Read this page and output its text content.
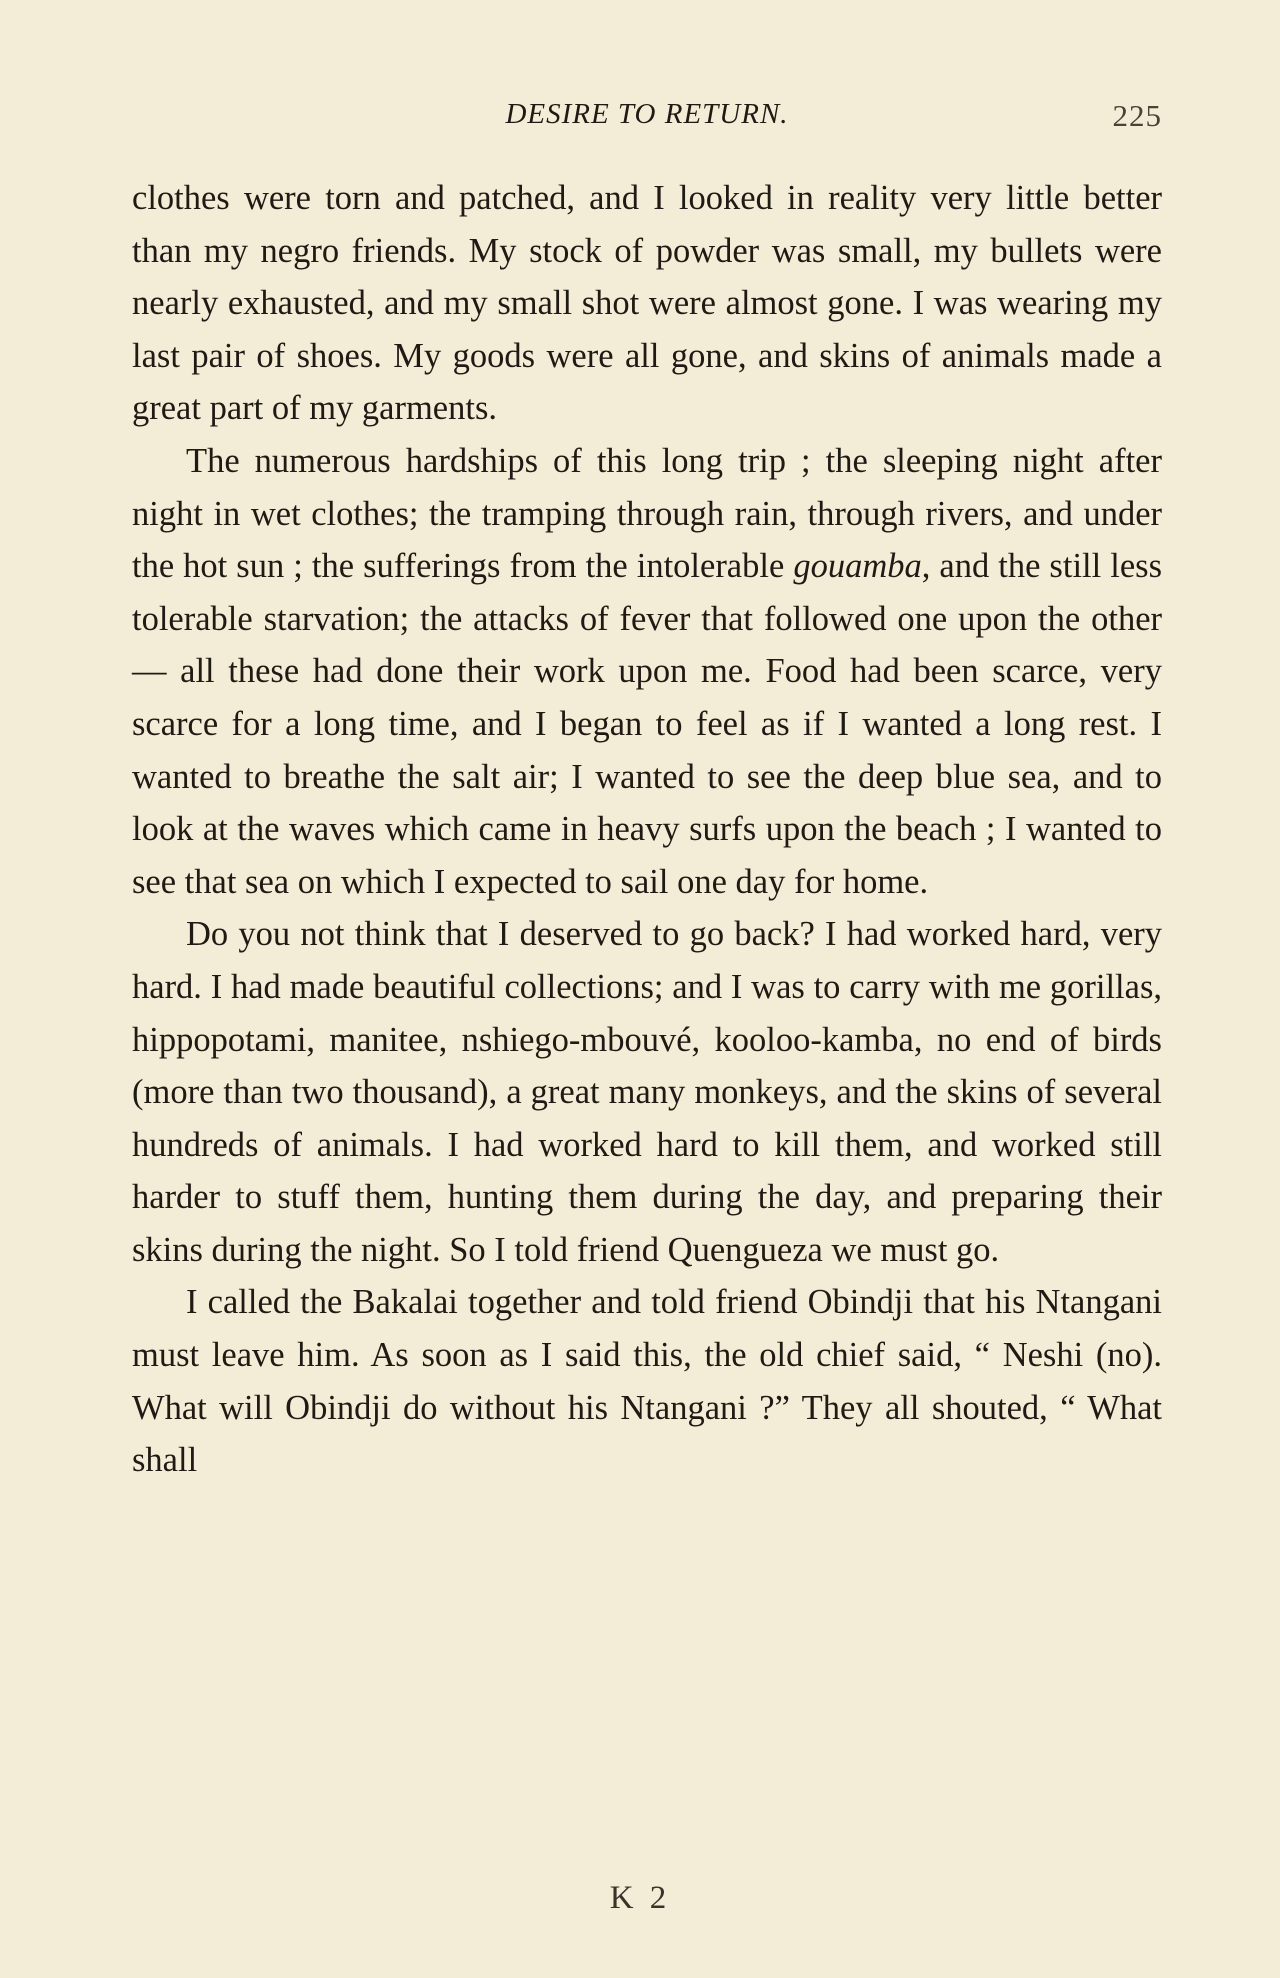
DESIRE TO RETURN.	225

clothes were torn and patched, and I looked in reality very little better than my negro friends. My stock of powder was small, my bullets were nearly exhausted, and my small shot were almost gone. I was wearing my last pair of shoes. My goods were all gone, and skins of animals made a great part of my garments.

The numerous hardships of this long trip ; the sleeping night after night in wet clothes; the tramping through rain, through rivers, and under the hot sun ; the sufferings from the intolerable gouamba, and the still less tolerable starvation; the attacks of fever that followed one upon the other — all these had done their work upon me. Food had been scarce, very scarce for a long time, and I began to feel as if I wanted a long rest. I wanted to breathe the salt air; I wanted to see the deep blue sea, and to look at the waves which came in heavy surfs upon the beach ; I wanted to see that sea on which I expected to sail one day for home.

Do you not think that I deserved to go back? I had worked hard, very hard. I had made beautiful collections; and I was to carry with me gorillas, hippopotami, manitee, nshiego-mbouvé, kooloo-kamba, no end of birds (more than two thousand), a great many monkeys, and the skins of several hundreds of animals. I had worked hard to kill them, and worked still harder to stuff them, hunting them during the day, and preparing their skins during the night. So I told friend Quengueza we must go.

I called the Bakalai together and told friend Obindji that his Ntangani must leave him. As soon as I said this, the old chief said, “ Neshi (no). What will Obindji do without his Ntangani ?” They all shouted, “ What shall

K 2
